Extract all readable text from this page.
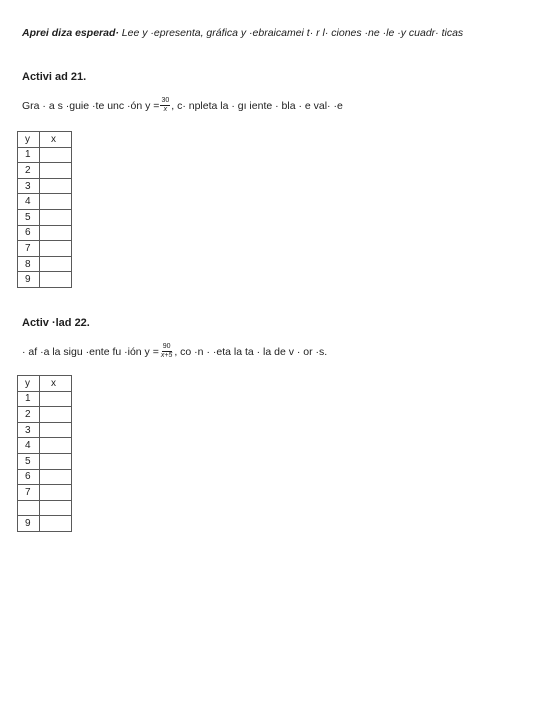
Aprei diza esperad· Lee y ·epresenta, gráfica y ·ebraicamei t· r l· ciones ·ne ·le ·y cuadr· ticas
Activi ad 21.
Gra · a s ·guie ·te unc ·ón $y = \frac{30}{x}$ , c· npleta la · gı iente · bla · e val· ·e
y	x
1	
2	
3	
4	
5	
6	
7	
8	
9	
Activ ·lad 22.
· af ·a la sigu ·ente fu ·ión $y = \frac{90}{x+5}$ , co ·n · ·eta la ta · la de v · or ·s.
y	x
1	
2	
3	
4	
5	
6	
7	

9	
